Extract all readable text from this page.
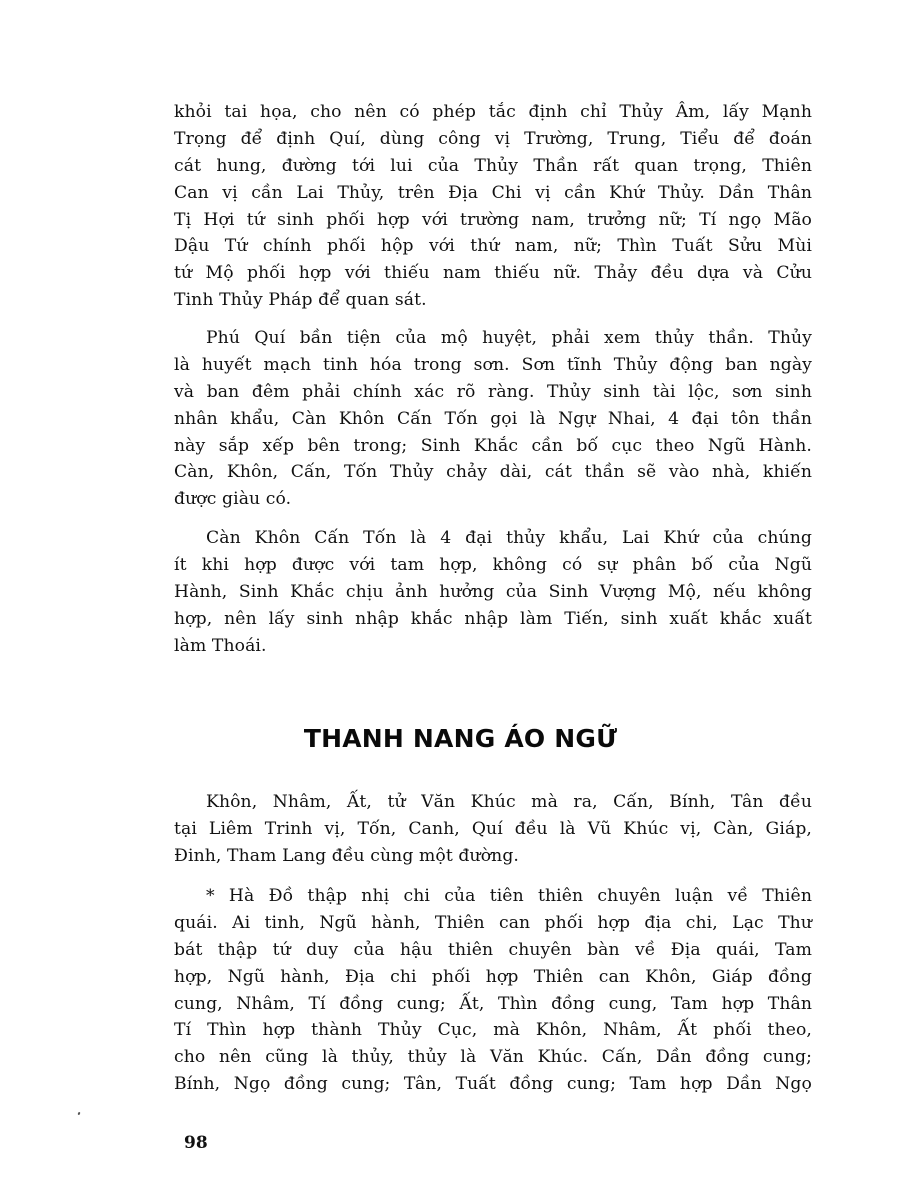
khỏi tai họa, cho nên có phép tắc định chỉ Thủy Âm, lấy Mạnh
Trọng để định Quí, dùng công vị Trường, Trung, Tiểu để đoán
cát hung, đường tới lui của Thủy Thần rất quan trọng, Thiên
Can vị cần Lai Thủy, trên Địa Chi vị cần Khứ Thủy. Dần Thân
Tị Hợi tứ sinh phối hợp với trường nam, trưởng nữ; Tí ngọ Mão
Dậu Tứ chính phối hộp với thứ nam, nữ; Thìn Tuất Sửu Mùi
tứ Mộ phối hợp với thiếu nam thiếu nữ. Thảy đều dựa và Cửu
Tinh Thủy Pháp để quan sát.
Phú Quí bần tiện của mộ huyệt, phải xem thủy thần. Thủy
là huyết mạch tinh hóa trong sơn. Sơn tĩnh Thủy động ban ngày
và ban đêm phải chính xác rõ ràng. Thủy sinh tài lộc, sơn sinh
nhân khẩu, Càn Khôn Cấn Tốn gọi là Ngự Nhai, 4 đại tôn thần
này sắp xếp bên trong; Sinh Khắc cần bố cục theo Ngũ Hành.
Càn, Khôn, Cấn, Tốn Thủy chảy dài, cát thần sẽ vào nhà, khiến
được giàu có.
Càn Khôn Cấn Tốn là 4 đại thủy khẩu, Lai Khứ của chúng
ít khi hợp được với tam hợp, không có sự phân bố của Ngũ
Hành, Sinh Khắc chịu ảnh hưởng của Sinh Vượng Mộ, nếu không
hợp, nên lấy sinh nhập khắc nhập làm Tiến, sinh xuất khắc xuất
làm Thoái.
THANH NANG ÁO NGỮ
Khôn, Nhâm, Ất, tử Văn Khúc mà ra, Cấn, Bính, Tân đều
tại Liêm Trinh vị, Tốn, Canh, Quí đều là Vũ Khúc vị, Càn, Giáp,
Đinh, Tham Lang đều cùng một đường.
* Hà Đồ thập nhị chi của tiên thiên chuyên luận về Thiên
quái. Ai tinh, Ngũ hành, Thiên can phối hợp địa chi, Lạc Thư
bát thập tứ duy của hậu thiên chuyên bàn về Địa quái, Tam
hợp, Ngũ hành, Địa chi phối hợp Thiên can Khôn, Giáp đồng
cung, Nhâm, Tí đồng cung; Ất, Thìn đồng cung, Tam hợp Thân
Tí Thìn hợp thành Thủy Cục, mà Khôn, Nhâm, Ất phối theo,
cho nên cũng là thủy, thủy là Văn Khúc. Cấn, Dần đồng cung;
Bính, Ngọ đồng cung; Tân, Tuất đồng cung; Tam hợp Dần Ngọ
98
